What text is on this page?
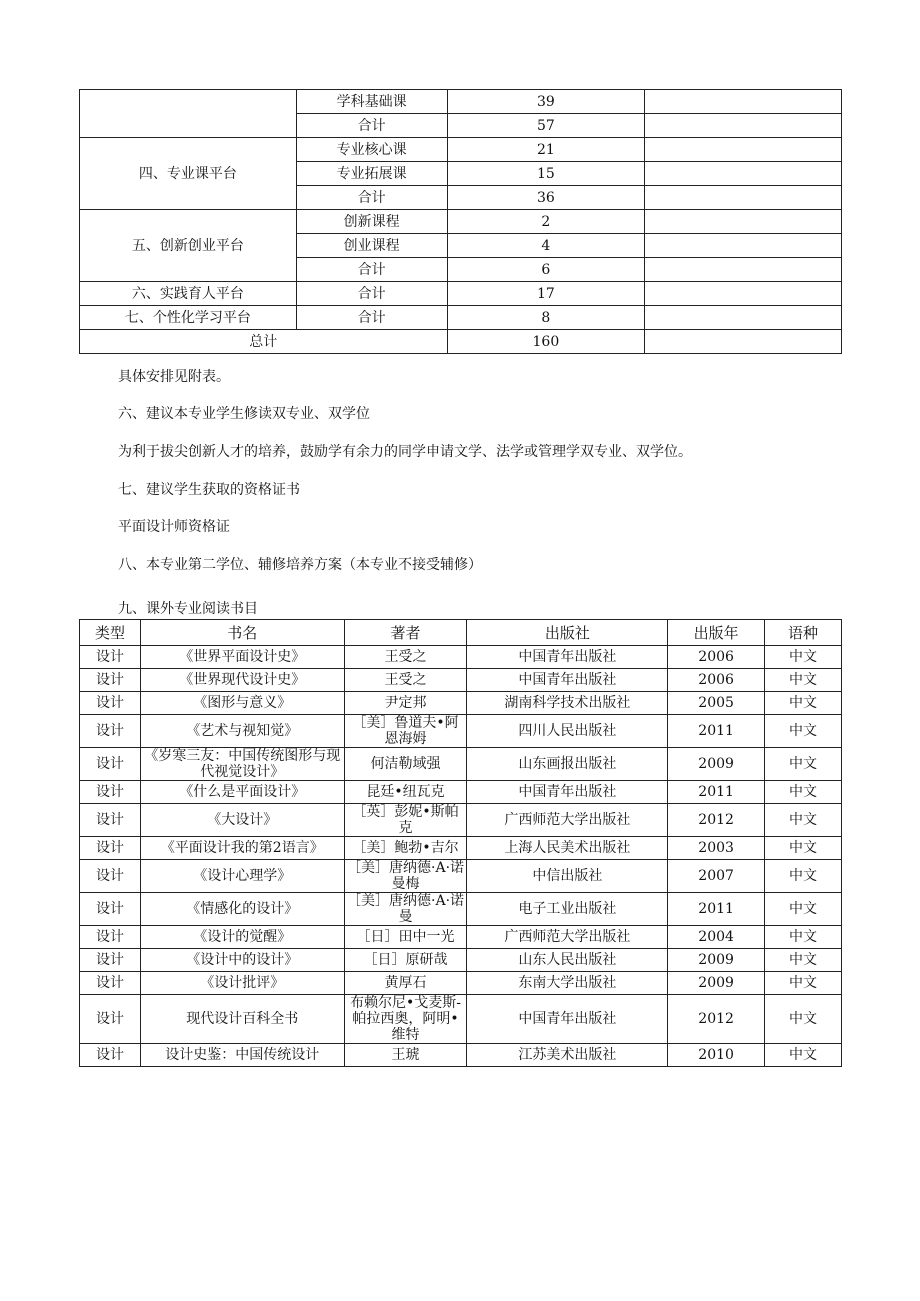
	学科基础课	39	
	合计	57	
四、专业课平台	专业核心课	21	
	专业拓展课	15	
	合计	36	
五、创新创业平台	创新课程	2	
	创业课程	4	
	合计	6	
六、实践育人平台	合计	17	
七、个性化学习平台	合计	8	
总计		160	
具体安排见附表。
六、建议本专业学生修读双专业、双学位
为利于拔尖创新人才的培养，鼓励学有余力的同学申请文学、法学或管理学双专业、双学位。
七、建议学生获取的资格证书
平面设计师资格证
八、本专业第二学位、辅修培养方案（本专业不接受辅修）
九、课外专业阅读书目
类型	书名	著者	出版社	出版年	语种
设计	《世界平面设计史》	王受之	中国青年出版社	2006	中文
设计	《世界现代设计史》	王受之	中国青年出版社	2006	中文
设计	《图形与意义》	尹定邦	湖南科学技术出版社	2005	中文
设计	《艺术与视知觉》	［美］鲁道夫•阿恩海姆	四川人民出版社	2011	中文
设计	《岁寒三友：中国传统图形与现代视觉设计》	何洁勒域强	山东画报出版社	2009	中文
设计	《什么是平面设计》	昆廷•纽瓦克	中国青年出版社	2011	中文
设计	《大设计》	［英］彭妮•斯帕克	广西师范大学出版社	2012	中文
设计	《平面设计我的第2语言》	［美］鲍勃•吉尔	上海人民美术出版社	2003	中文
设计	《设计心理学》	［美］唐纳德·A·诺曼梅	中信出版社	2007	中文
设计	《情感化的设计》	［美］唐纳德·A·诺曼	电子工业出版社	2011	中文
设计	《设计的觉醒》	［日］田中一光	广西师范大学出版社	2004	中文
设计	《设计中的设计》	［日］原研哉	山东人民出版社	2009	中文
设计	《设计批评》	黄厚石	东南大学出版社	2009	中文
设计	现代设计百科全书	布赖尔尼•戈麦斯-帕拉西奥，阿明•维特	中国青年出版社	2012	中文
设计	设计史鉴：中国传统设计	王琥	江苏美术出版社	2010	中文
